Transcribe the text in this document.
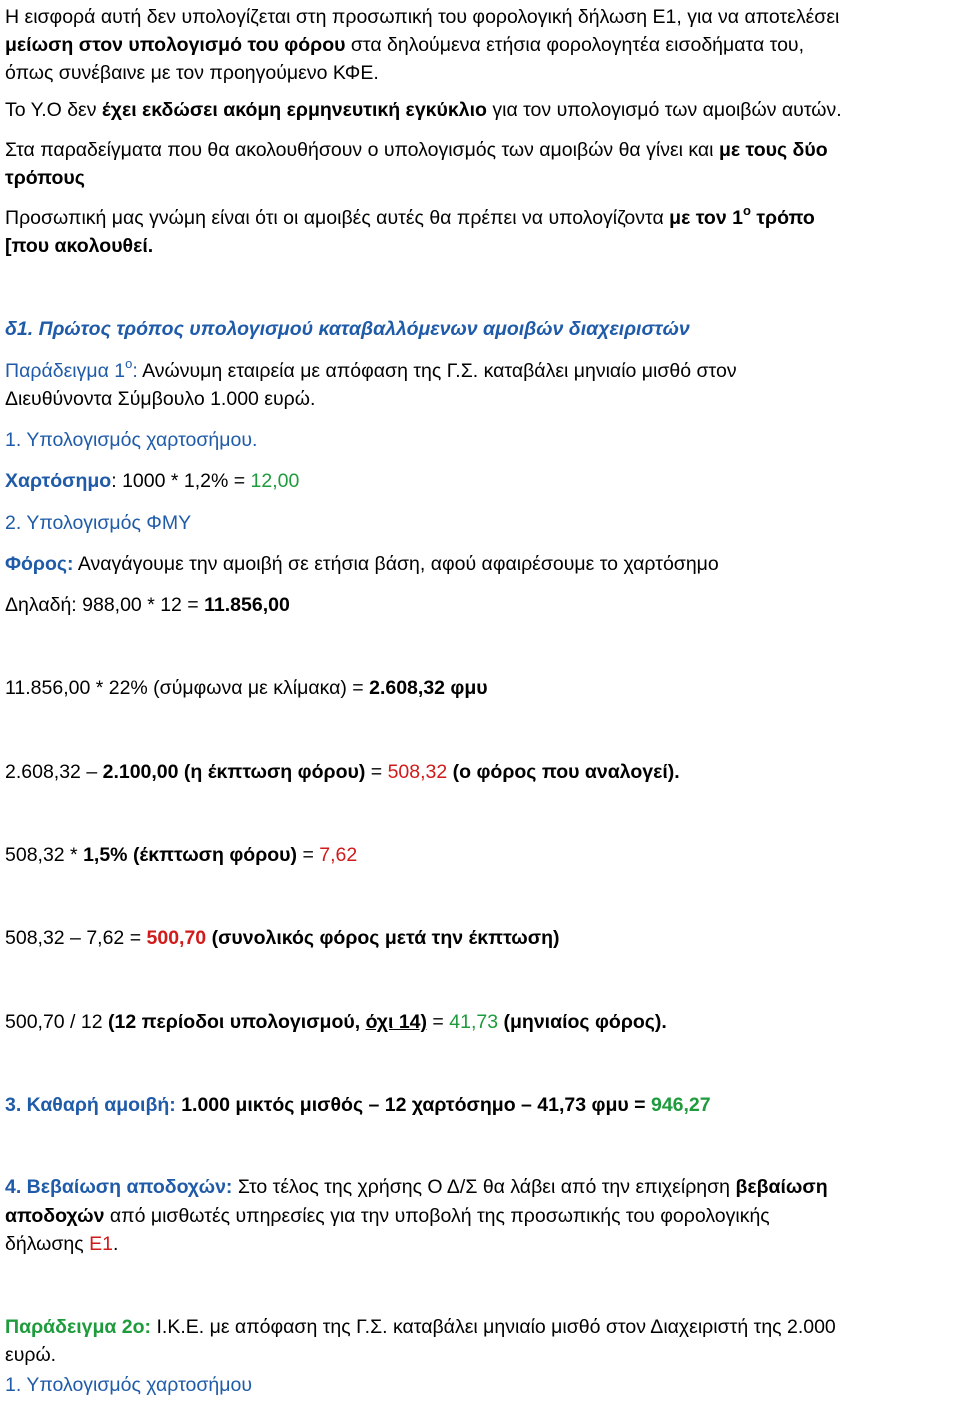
Η εισφορά αυτή δεν υπολογίζεται στη προσωπική του φορολογική δήλωση Ε1, για να αποτελέσει

μείωση στον υπολογισμό του φόρου στα δηλούμενα ετήσια φορολογητέα εισοδήματα του,

όπως συνέβαινε με τον προηγούμενο ΚΦΕ.

Το Υ.Ο δεν έχει εκδώσει ακόμη ερμηνευτική εγκύκλιο για τον υπολογισμό των αμοιβών αυτών.

Στα παραδείγματα που θα ακολουθήσουν ο υπολογισμός των αμοιβών θα γίνει και με τους δύο

τρόπους

Προσωπική μας γνώμη είναι ότι οι αμοιβές αυτές θα πρέπει να υπολογίζοντα με τον $1^o$ τρόπο

[που ακολουθεί.

δ1. Πρώτος τρόπος υπολογισμού καταβαλλόμενων αμοιβών διαχειριστών

Παράδειγμα $1^o$: Ανώνυμη εταιρεία με απόφαση της Γ.Σ. καταβάλει μηνιαίο μισθό στον

Διευθύνοντα Σύμβουλο 1.000 ευρώ.

1. Υπολογισμός χαρτοσήμου.

Χαρτόσημο: 1000 * 1,2% = 12,00

2. Υπολογισμός ΦΜΥ

Φόρος: Αναγάγουμε την αμοιβή σε ετήσια βάση, αφού αφαιρέσουμε το χαρτόσημο

Δηλαδή: 988,00 * 12 = 11.856,00

11.856,00 * 22% (σύμφωνα με κλίμακα) = 2.608,32 φμυ

2.608,32 – 2.100,00 (η έκπτωση φόρου) = 508,32 (ο φόρος που αναλογεί).

508,32 * 1,5% (έκπτωση φόρου) = 7,62

508,32 – 7,62 = 500,70 (συνολικός φόρος μετά την έκπτωση)

500,70 / 12 (12 περίοδοι υπολογισμού, όχι 14) = 41,73 (μηνιαίος φόρος).

3. Καθαρή αμοιβή: 1.000 μικτός μισθός – 12 χαρτόσημο – 41,73 φμυ = 946,27

4. Βεβαίωση αποδοχών: Στο τέλος της χρήσης Ο Δ/Σ θα λάβει από την επιχείρηση βεβαίωση

αποδοχών από μισθωτές υπηρεσίες για την υποβολή της προσωπικής του φορολογικής

δήλωσης Ε1.

Παράδειγμα 2ο: Ι.Κ.Ε. με απόφαση της Γ.Σ. καταβάλει μηνιαίο μισθό στον Διαχειριστή της 2.000

ευρώ.

1. Υπολογισμός χαρτοσήμου
